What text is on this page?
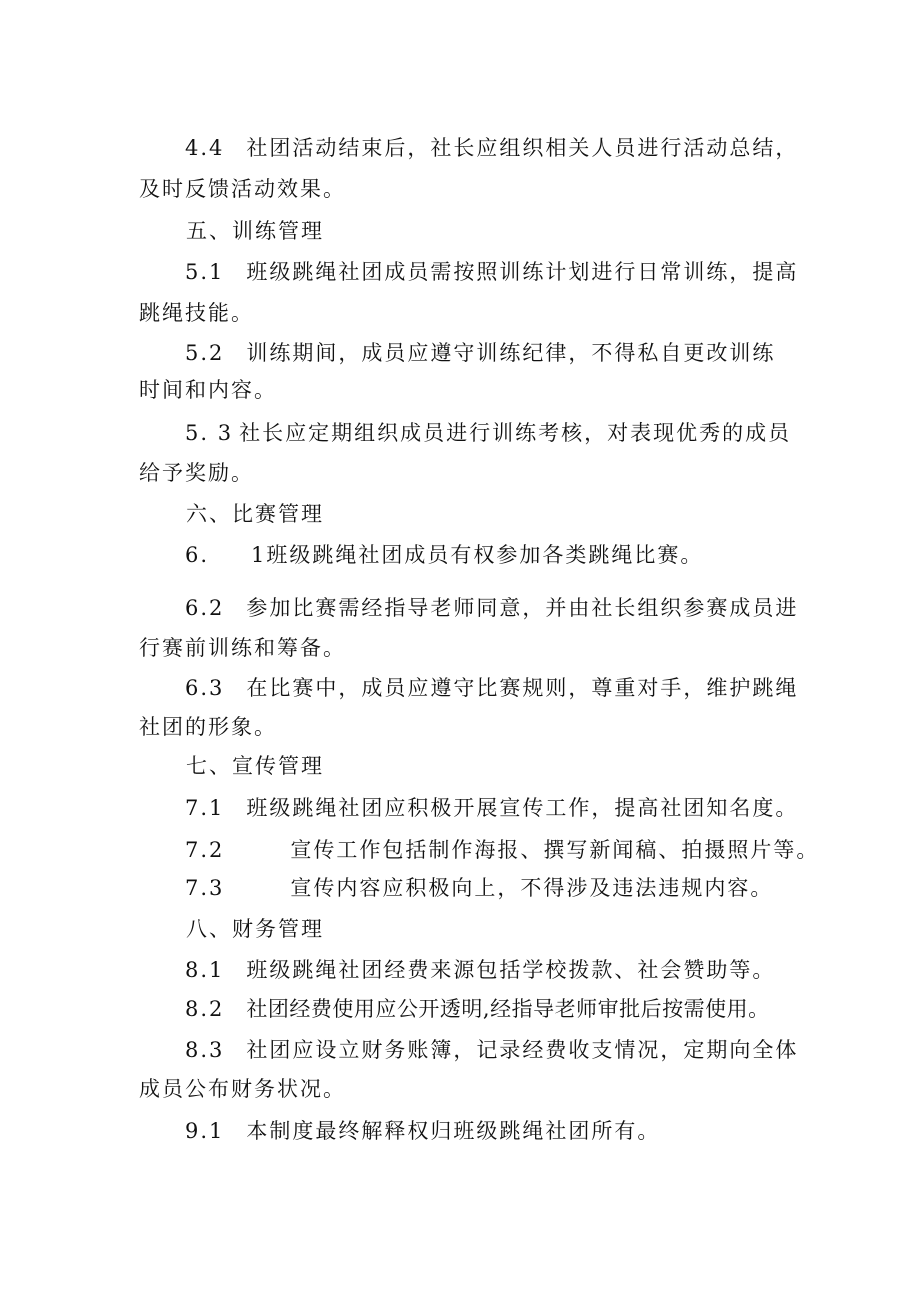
4.4 社团活动结束后，社长应组织相关人员进行活动总结，
及时反馈活动效果。
五、训练管理
5.1 班级跳绳社团成员需按照训练计划进行日常训练，提高
跳绳技能。
5.2 训练期间，成员应遵守训练纪律，不得私自更改训练
时间和内容。
5. 3 社长应定期组织成员进行训练考核，对表现优秀的成员
给予奖励。
六、比赛管理
6. 1班级跳绳社团成员有权参加各类跳绳比赛。
6.2 参加比赛需经指导老师同意，并由社长组织参赛成员进
行赛前训练和筹备。
6.3 在比赛中，成员应遵守比赛规则，尊重对手，维护跳绳
社团的形象。
七、宣传管理
7.1 班级跳绳社团应积极开展宣传工作，提高社团知名度。
7.2	宣传工作包括制作海报、撰写新闻稿、拍摄照片等。
7.3	宣传内容应积极向上，不得涉及违法违规内容。
八、财务管理
8.1 班级跳绳社团经费来源包括学校拨款、社会赞助等。
8.2 社团经费使用应公开透明,经指导老师审批后按需使用。
8.3 社团应设立财务账簿，记录经费收支情况，定期向全体
成员公布财务状况。
9.1 本制度最终解释权归班级跳绳社团所有。
